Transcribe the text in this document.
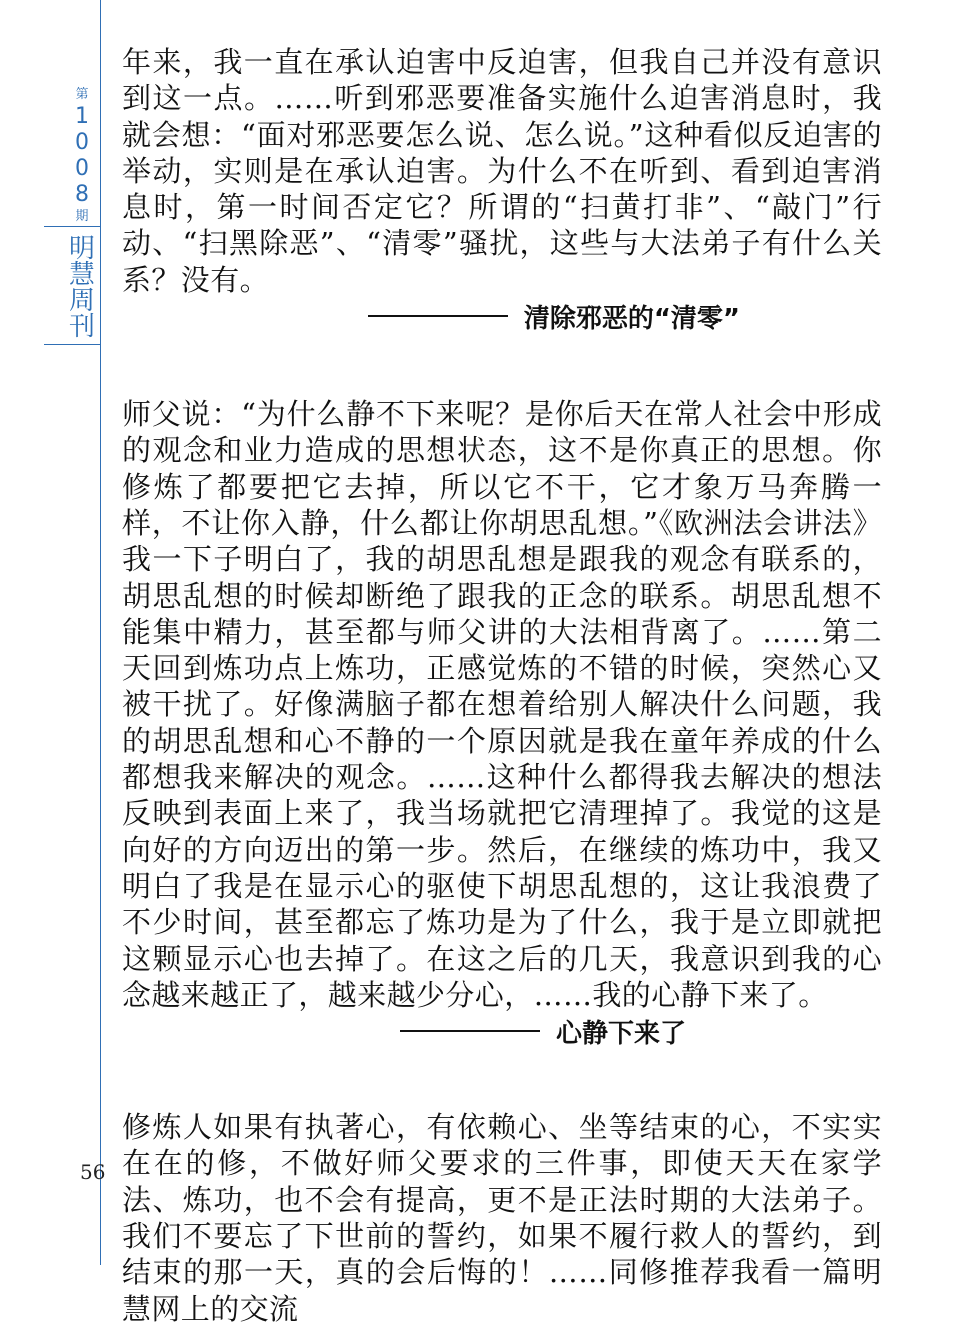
第
1
0
0
8
期
明
慧
周
刊
56

年来，我一直在承认迫害中反迫害，但我自己并没有意识到这一点。……听到邪恶要准备实施什么迫害消息时，我就会想：“面对邪恶要怎么说、怎么说。”这种看似反迫害的举动，实则是在承认迫害。为什么不在听到、看到迫害消息时，第一时间否定它？所谓的“扫黄打非”、“敲门”行动、“扫黑除恶”、“清零”骚扰，这些与大法弟子有什么关系？没有。

清除邪恶的“清零”

师父说：“为什么静不下来呢？是你后天在常人社会中形成的观念和业力造成的思想状态，这不是你真正的思想。你修炼了都要把它去掉，所以它不干，它才象万马奔腾一样，不让你入静，什么都让你胡思乱想。”《欧洲法会讲法》我一下子明白了，我的胡思乱想是跟我的观念有联系的，胡思乱想的时候却断绝了跟我的正念的联系。胡思乱想不能集中精力，甚至都与师父讲的大法相背离了。……第二天回到炼功点上炼功，正感觉炼的不错的时候，突然心又被干扰了。好像满脑子都在想着给别人解决什么问题，我的胡思乱想和心不静的一个原因就是我在童年养成的什么都想我来解决的观念。……这种什么都得我去解决的想法反映到表面上来了，我当场就把它清理掉了。我觉的这是向好的方向迈出的第一步。然后，在继续的炼功中，我又明白了我是在显示心的驱使下胡思乱想的，这让我浪费了不少时间，甚至都忘了炼功是为了什么，我于是立即就把这颗显示心也去掉了。在这之后的几天，我意识到我的心念越来越正了，越来越少分心，……我的心静下来了。

心静下来了

修炼人如果有执著心，有依赖心、坐等结束的心，不实实在在的修，不做好师父要求的三件事，即使天天在家学法、炼功，也不会有提高，更不是正法时期的大法弟子。我们不要忘了下世前的誓约，如果不履行救人的誓约，到结束的那一天，真的会后悔的！……同修推荐我看一篇明慧网上的交流
